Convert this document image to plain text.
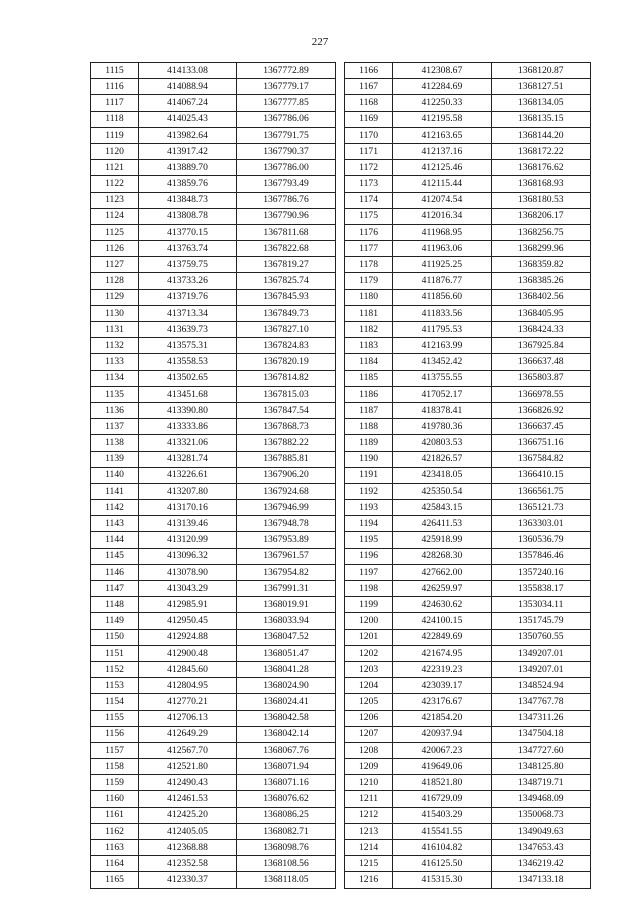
227
1115	414133.08	1367772.89
1116	414088.94	1367779.17
1117	414067.24	1367777.85
1118	414025.43	1367786.06
1119	413982.64	1367791.75
1120	413917.42	1367790.37
1121	413889.70	1367786.00
1122	413859.76	1367793.49
1123	413848.73	1367786.76
1124	413808.78	1367790.96
1125	413770.15	1367811.68
1126	413763.74	1367822.68
1127	413759.75	1367819.27
1128	413733.26	1367825.74
1129	413719.76	1367845.93
1130	413713.34	1367849.73
1131	413639.73	1367827.10
1132	413575.31	1367824.83
1133	413558.53	1367820.19
1134	413502.65	1367814.82
1135	413451.68	1367815.03
1136	413390.80	1367847.54
1137	413333.86	1367868.73
1138	413321.06	1367882.22
1139	413281.74	1367885.81
1140	413226.61	1367906.20
1141	413207.80	1367924.68
1142	413170.16	1367946.99
1143	413139.46	1367948.78
1144	413120.99	1367953.89
1145	413096.32	1367961.57
1146	413078.90	1367954.82
1147	413043.29	1367991.31
1148	412985.91	1368019.91
1149	412950.45	1368033.94
1150	412924.88	1368047.52
1151	412900.48	1368051.47
1152	412845.60	1368041.28
1153	412804.95	1368024.90
1154	412770.21	1368024.41
1155	412706.13	1368042.58
1156	412649.29	1368042.14
1157	412567.70	1368067.76
1158	412521.80	1368071.94
1159	412490.43	1368071.16
1160	412461.53	1368076.62
1161	412425.20	1368086.25
1162	412405.05	1368082.71
1163	412368.88	1368098.76
1164	412352.58	1368108.56
1165	412330.37	1368118.05
1166	412308.67	1368120.87
1167	412284.69	1368127.51
1168	412250.33	1368134.05
1169	412195.58	1368135.15
1170	412163.65	1368144.20
1171	412137.16	1368172.22
1172	412125.46	1368176.62
1173	412115.44	1368168.93
1174	412074.54	1368180.53
1175	412016.34	1368206.17
1176	411968.95	1368256.75
1177	411963.06	1368299.96
1178	411925.25	1368359.82
1179	411876.77	1368385.26
1180	411856.60	1368402.56
1181	411833.56	1368405.95
1182	411795.53	1368424.33
1183	412163.99	1367925.84
1184	413452.42	1366637.48
1185	413755.55	1365803.87
1186	417052.17	1366978.55
1187	418378.41	1366826.92
1188	419780.36	1366637.45
1189	420803.53	1366751.16
1190	421826.57	1367584.82
1191	423418.05	1366410.15
1192	425350.54	1366561.75
1193	425843.15	1365121.73
1194	426411.53	1363303.01
1195	425918.99	1360536.79
1196	428268.30	1357846.46
1197	427662.00	1357240.16
1198	426259.97	1355838.17
1199	424630.62	1353034.11
1200	424100.15	1351745.79
1201	422849.69	1350760.55
1202	421674.95	1349207.01
1203	422319.23	1349207.01
1204	423039.17	1348524.94
1205	423176.67	1347767.78
1206	421854.20	1347311.26
1207	420937.94	1347504.18
1208	420067.23	1347727.60
1209	419649.06	1348125.80
1210	418521.80	1348719.71
1211	416729.09	1349468.09
1212	415403.29	1350068.73
1213	415541.55	1349049.63
1214	416104.82	1347653.43
1215	416125.50	1346219.42
1216	415315.30	1347133.18
